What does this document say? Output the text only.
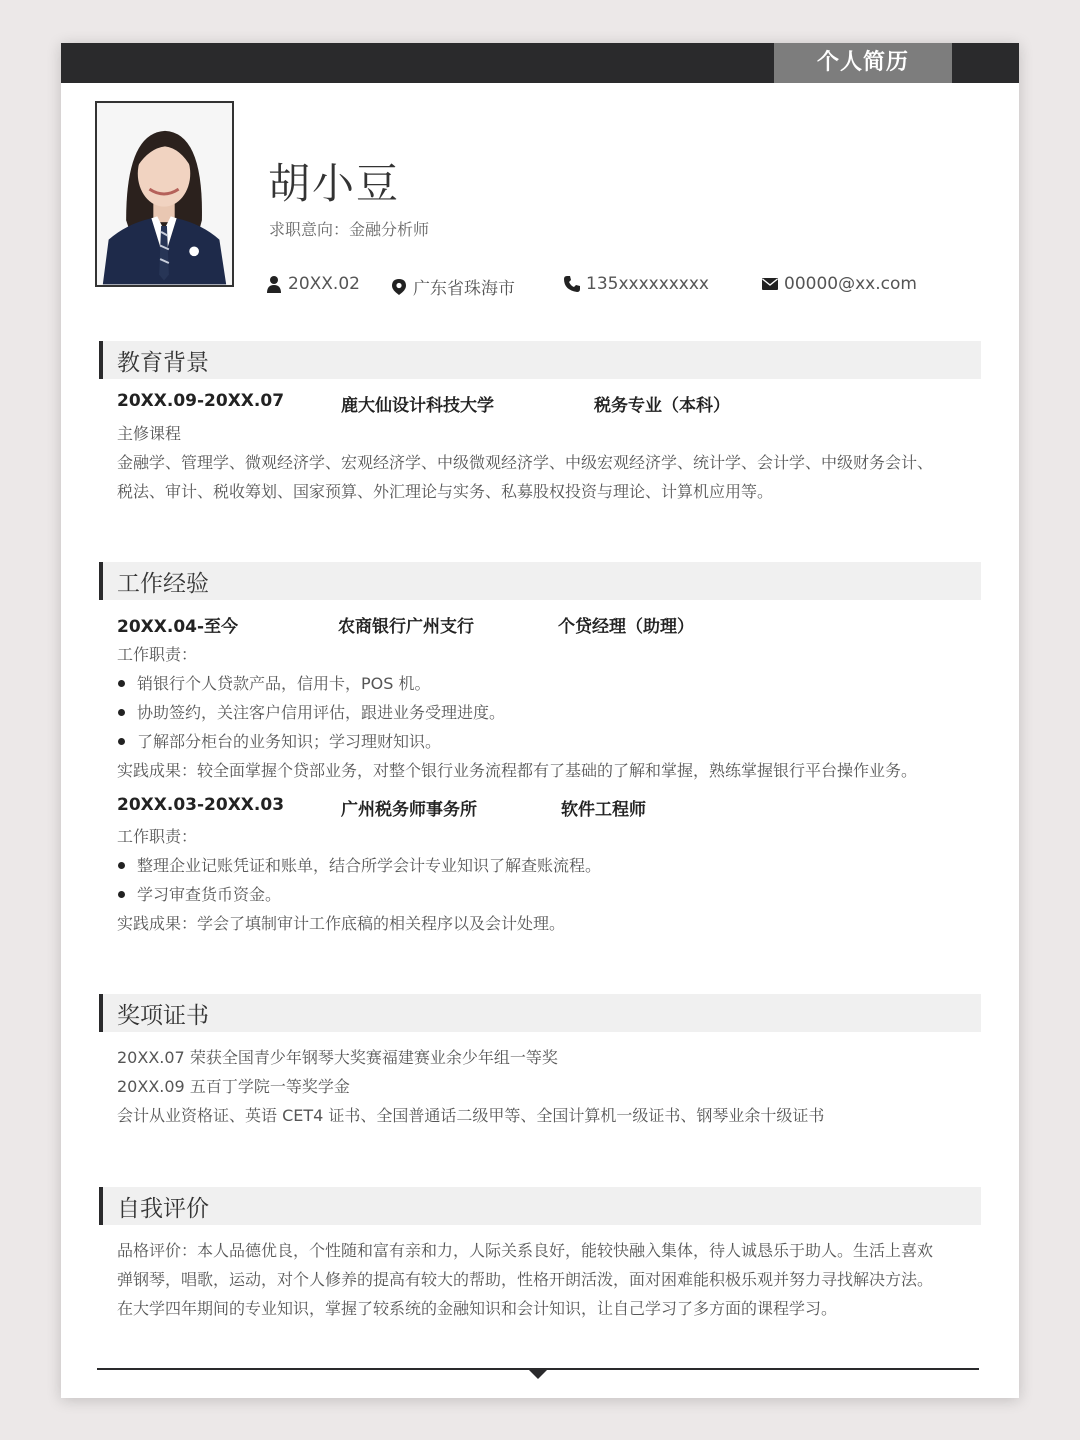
个人简历
胡小豆
求职意向：金融分析师
20XX.02	广东省珠海市	135xxxxxxxxx	00000@xx.com
教育背景
20XX.09-20XX.07	鹿大仙设计科技大学	税务专业（本科）
主修课程
金融学、管理学、微观经济学、宏观经济学、中级微观经济学、中级宏观经济学、统计学、会计学、中级财务会计、
税法、审计、税收筹划、国家预算、外汇理论与实务、私募股权投资与理论、计算机应用等。
工作经验
20XX.04-至今	农商银行广州支行	个贷经理（助理）
工作职责：
销银行个人贷款产品，信用卡，POS 机。
协助签约，关注客户信用评估，跟进业务受理进度。
了解部分柜台的业务知识；学习理财知识。
实践成果：较全面掌握个贷部业务，对整个银行业务流程都有了基础的了解和掌握，熟练掌握银行平台操作业务。
20XX.03-20XX.03	广州税务师事务所	软件工程师
工作职责：
整理企业记账凭证和账单，结合所学会计专业知识了解查账流程。
学习审查货币资金。
实践成果：学会了填制审计工作底稿的相关程序以及会计处理。
奖项证书
20XX.07 荣获全国青少年钢琴大奖赛福建赛业余少年组一等奖
20XX.09 五百丁学院一等奖学金
会计从业资格证、英语 CET4 证书、全国普通话二级甲等、全国计算机一级证书、钢琴业余十级证书
自我评价
品格评价：本人品德优良，个性随和富有亲和力，人际关系良好，能较快融入集体，待人诚恳乐于助人。生活上喜欢
弹钢琴，唱歌，运动，对个人修养的提高有较大的帮助，性格开朗活泼，面对困难能积极乐观并努力寻找解决方法。
在大学四年期间的专业知识，掌握了较系统的金融知识和会计知识，让自己学习了多方面的课程学习。
